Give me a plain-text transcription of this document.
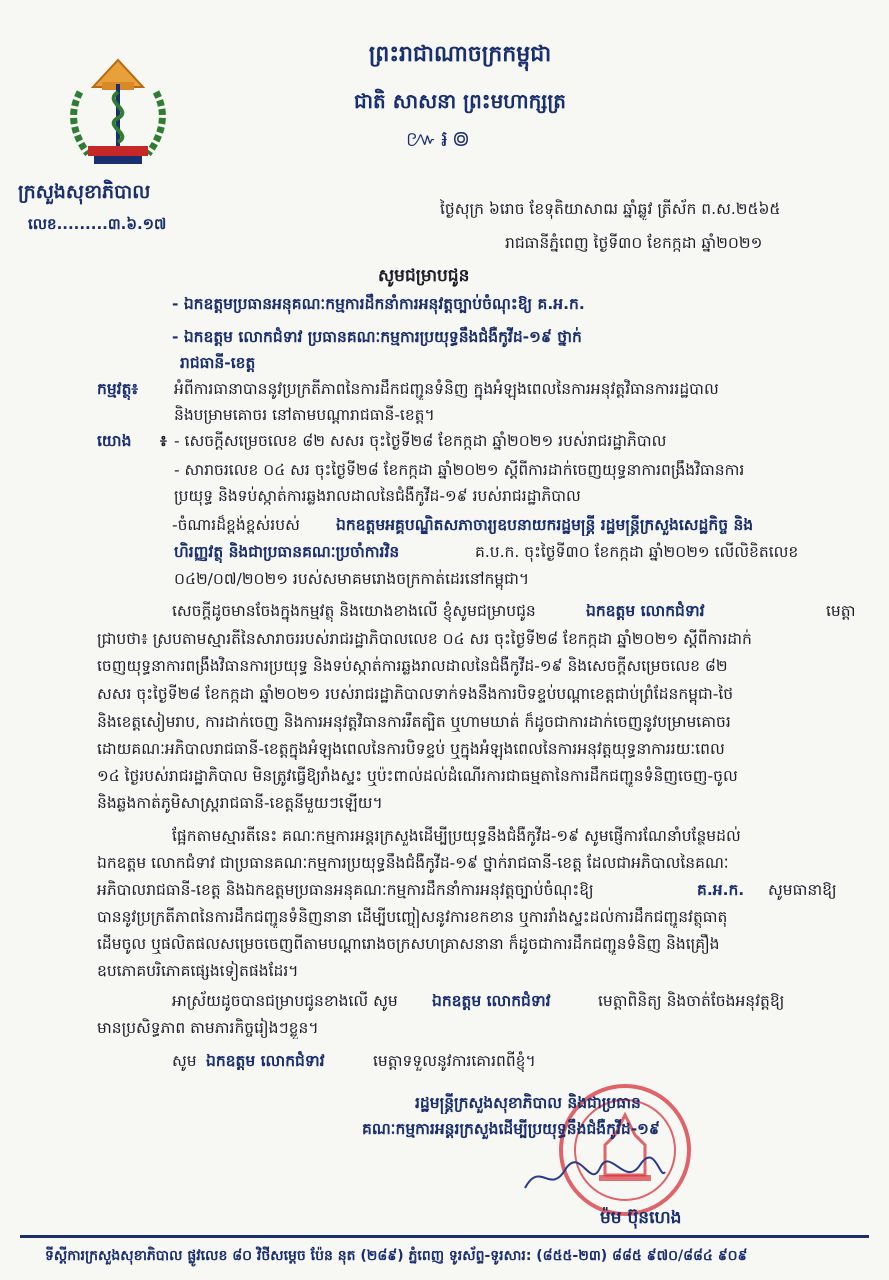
ព្រះរាជាណាចក្រកម្ពុជា
ជាតិ សាសនា ព្រះមហាក្សត្រ
៚៛៙
ក្រសួងសុខាភិបាល
លេខ.........៣.៦.១៧
ថ្ងៃសុក្រ ៦រោច ខែទុតិយាសាឍ ឆ្នាំឆ្លូវ ត្រីស័ក ព.ស.២៥៦៥
រាជធានីភ្នំពេញ ថ្ងៃទី៣០ ខែកក្កដា ឆ្នាំ២០២១
សូមជម្រាបជូន
- ឯកឧត្តមប្រធានអនុគណៈកម្មការដឹកនាំការអនុវត្តច្បាប់ចំណុះឱ្យ គ.អ.ក.
- ឯកឧត្តម លោកជំទាវ ប្រធានគណៈកម្មការប្រយុទ្ធនឹងជំងឺកូវីដ-១៩ ថ្នាក់
រាជធានី-ខេត្ត
កម្មវត្ថុ៖ អំពីការធានាបាននូវប្រក្រតីភាពនៃការដឹកជញ្ជូនទំនិញ ក្នុងអំឡុងពេលនៃការអនុវត្តវិធានការរដ្ឋបាល
និងបម្រាមគោចរ នៅតាមបណ្តារាជធានី-ខេត្ត។
យោង ៖ - សេចក្តីសម្រេចលេខ ៨២ សសរ ចុះថ្ងៃទី២៨ ខែកក្កដា ឆ្នាំ២០២១ របស់រាជរដ្ឋាភិបាល
- សារាចរលេខ ០៤ សរ ចុះថ្ងៃទី២៨ ខែកក្កដា ឆ្នាំ២០២១ ស្តីពីការដាក់ចេញយុទ្ធនាការពង្រឹងវិធានការ
ប្រយុទ្ធ និងទប់ស្កាត់ការឆ្លងរាលដាលនៃជំងឺកូវីដ-១៩ របស់រាជរដ្ឋាភិបាល
-ចំណារដ៏ខ្ពង់ខ្ពស់របស់ ឯកឧត្តមអគ្គបណ្ឌិតសភាចារ្យឧបនាយករដ្ឋមន្ត្រី រដ្ឋមន្ត្រីក្រសួងសេដ្ឋកិច្ច និង
ហិរញ្ញវត្ថុ និងជាប្រធានគណៈប្រចាំការវិន	គ.ប.ក. ចុះថ្ងៃទី៣០ ខែកក្កដា ឆ្នាំ២០២១ លើលិខិតលេខ
០៤២/០៧/២០២១ របស់សមាគមរោងចក្រកាត់ដេរនៅកម្ពុជា។
សេចក្តីដូចមានចែងក្នុងកម្មវត្ថុ និងយោងខាងលើ ខ្ញុំសូមជម្រាបជូន	ឯកឧត្តម លោកជំទាវ	មេត្តា
ជ្រាបថា៖ ស្របតាមស្មារតីនៃសារាចររបស់រាជរដ្ឋាភិបាលលេខ ០៤ សរ ចុះថ្ងៃទី២៨ ខែកក្កដា ឆ្នាំ២០២១ ស្តីពីការដាក់
ចេញយុទ្ធនាការពង្រឹងវិធានការប្រយុទ្ធ និងទប់ស្កាត់ការឆ្លងរាលដាលនៃជំងឺកូវីដ-១៩ និងសេចក្តីសម្រេចលេខ ៨២
សសរ ចុះថ្ងៃទី២៨ ខែកក្កដា ឆ្នាំ២០២១ របស់រាជរដ្ឋាភិបាលទាក់ទងនឹងការបិទខ្ទប់បណ្តាខេត្តជាប់ព្រំដែនកម្ពុជា-ថៃ
និងខេត្តសៀមរាប, ការដាក់ចេញ និងការអនុវត្តវិធានការរឹតត្បិត ឬហាមឃាត់ ក៏ដូចជាការដាក់ចេញនូវបម្រាមគោចរ
ដោយគណៈអភិបាលរាជធានី-ខេត្តក្នុងអំឡុងពេលនៃការបិទខ្ទប់ ឬក្នុងអំឡុងពេលនៃការអនុវត្តយុទ្ធនាការរយៈពេល
១៤ ថ្ងៃរបស់រាជរដ្ឋាភិបាល មិនត្រូវធ្វើឱ្យរាំងស្ទះ ឬប៉ះពាល់ដល់ដំណើរការជាធម្មតានៃការដឹកជញ្ជូនទំនិញចេញ-ចូល
និងឆ្លងកាត់ភូមិសាស្ត្ររាជធានី-ខេត្តនីមួយៗឡើយ។
ផ្អែកតាមស្មារតីនេះ គណៈកម្មការអន្តរក្រសួងដើម្បីប្រយុទ្ធនឹងជំងឺកូវីដ-១៩ សូមផ្ញើការណែនាំបន្ថែមដល់
ឯកឧត្តម លោកជំទាវ ជាប្រធានគណៈកម្មការប្រយុទ្ធនឹងជំងឺកូវីដ-១៩ ថ្នាក់រាជធានី-ខេត្ត ដែលជាអភិបាលនៃគណៈ
អភិបាលរាជធានី-ខេត្ត និងឯកឧត្តមប្រធានអនុគណៈកម្មការដឹកនាំការអនុវត្តច្បាប់ចំណុះឱ្យ	គ.អ.ក. សូមធានាឱ្យ
បាននូវប្រក្រតីភាពនៃការដឹកជញ្ជូនទំនិញនានា ដើម្បីបញ្ចៀសនូវការខកខាន ឬការរាំងស្ទះដល់ការដឹកជញ្ជូនវត្ថុធាតុ
ដើមចូល ឬផលិតផលសម្រេចចេញពីតាមបណ្តារោងចក្រសហគ្រាសនានា ក៏ដូចជាការដឹកជញ្ជូនទំនិញ និងគ្រឿង
ឧបភោគបរិភោគផ្សេងទៀតផងដែរ។
អាស្រ័យដូចបានជម្រាបជូនខាងលើ សូម ឯកឧត្តម លោកជំទាវ	មេត្តាពិនិត្យ និងចាត់ចែងអនុវត្តឱ្យ
មានប្រសិទ្ធភាព តាមភារកិច្ចរៀងៗខ្លួន។
សូម ឯកឧត្តម លោកជំទាវ	មេត្តាទទួលនូវការគោរពពីខ្ញុំ។
រដ្ឋមន្ត្រីក្រសួងសុខាភិបាល និងជាប្រធាន
គណៈកម្មការអន្តរក្រសួងដើម្បីប្រយុទ្ធនឹងជំងឺកូវីដ-១៩
ម៉ម ប៊ុនហេង
ទីស្តីការក្រសួងសុខាភិបាល ផ្លូវលេខ ៨០ វិថីសម្តេច ប៉ែន នុត (២៨៩) ភ្នំពេញ ទូរស័ព្ទ-ទូរសារ: (៨៥៥-២៣) ៨៨៥ ៩៧០/៨៨៤ ៩០៩
